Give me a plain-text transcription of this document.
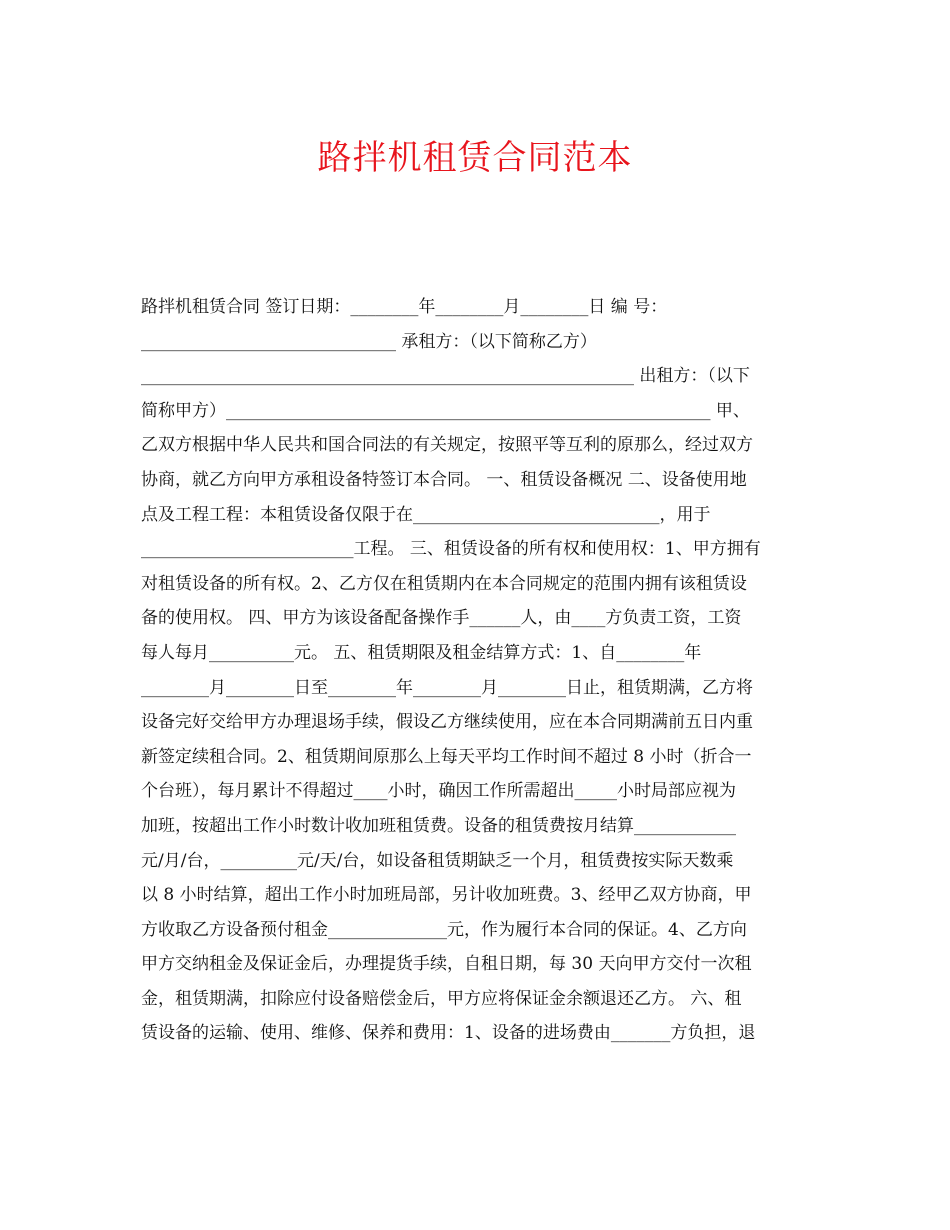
路拌机租赁合同范本
路拌机租赁合同 签订日期：________年________月________日 编 号：
______________________________ 承租方：（以下简称乙方）
__________________________________________________________ 出租方：（以下
简称甲方）_________________________________________________________ 甲、
乙双方根据中华人民共和国合同法的有关规定，按照平等互利的原那么，经过双方
协商，就乙方向甲方承租设备特签订本合同。 一、租赁设备概况 二、设备使用地
点及工程工程：本租赁设备仅限于在_____________________________，用于
_________________________工程。 三、租赁设备的所有权和使用权：1、甲方拥有
对租赁设备的所有权。2、乙方仅在租赁期内在本合同规定的范围内拥有该租赁设
备的使用权。 四、甲方为该设备配备操作手______人，由____方负责工资，工资
每人每月__________元。 五、租赁期限及租金结算方式：1、自________年
________月________日至________年________月________日止，租赁期满，乙方将
设备完好交给甲方办理退场手续，假设乙方继续使用，应在本合同期满前五日内重
新签定续租合同。2、租赁期间原那么上每天平均工作时间不超过 8 小时（折合一
个台班），每月累计不得超过____小时，确因工作所需超出_____小时局部应视为
加班，按超出工作小时数计收加班租赁费。设备的租赁费按月结算____________
元/月/台，_________元/天/台，如设备租赁期缺乏一个月，租赁费按实际天数乘
以 8 小时结算，超出工作小时加班局部，另计收加班费。3、经甲乙双方协商，甲
方收取乙方设备预付租金______________元，作为履行本合同的保证。4、乙方向
甲方交纳租金及保证金后，办理提货手续，自租日期，每 30 天向甲方交付一次租
金，租赁期满，扣除应付设备赔偿金后，甲方应将保证金余额退还乙方。 六、租
赁设备的运输、使用、维修、保养和费用：1、设备的进场费由_______方负担，退
